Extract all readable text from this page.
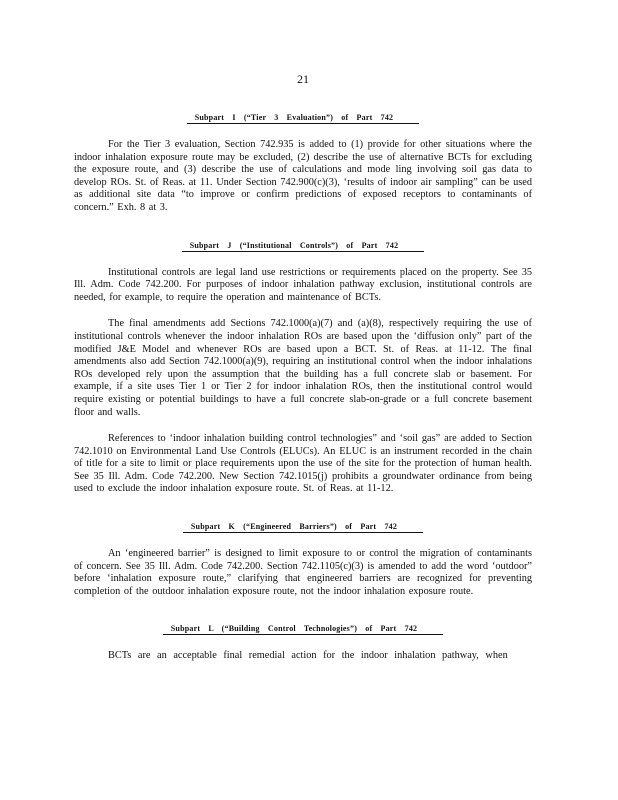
21
Subpart I (“Tier 3 Evaluation”) of Part 742

For the Tier 3 evaluation, Section 742.935 is added to (1) provide for other situations where the indoor inhalation exposure route may be excluded, (2) describe the use of alternative BCTs for excluding the exposure route, and (3) describe the use of calculations and mode ling involving soil gas data to develop ROs. St. of Reas. at 11. Under Section 742.900(c)(3), ‘results of indoor air sampling” can be used as additional site data “to improve or confirm predictions of exposed receptors to contaminants of concern.” Exh. 8 at 3.

Subpart J (“Institutional Controls”) of Part 742

Institutional controls are legal land use restrictions or requirements placed on the property. See 35 Ill. Adm. Code 742.200. For purposes of indoor inhalation pathway exclusion, institutional controls are needed, for example, to require the operation and maintenance of BCTs.

The final amendments add Sections 742.1000(a)(7) and (a)(8), respectively requiring the use of institutional controls whenever the indoor inhalation ROs are based upon the ‘diffusion only” part of the modified J&E Model and whenever ROs are based upon a BCT. St. of Reas. at 11-12. The final amendments also add Section 742.1000(a)(9), requiring an institutional control when the indoor inhalations ROs developed rely upon the assumption that the building has a full concrete slab or basement. For example, if a site uses Tier 1 or Tier 2 for indoor inhalation ROs, then the institutional control would require existing or potential buildings to have a full concrete slab-on-grade or a full concrete basement floor and walls.

References to ‘indoor inhalation building control technologies” and ‘soil gas” are added to Section 742.1010 on Environmental Land Use Controls (ELUCs). An ELUC is an instrument recorded in the chain of title for a site to limit or place requirements upon the use of the site for the protection of human health. See 35 Ill. Adm. Code 742.200. New Section 742.1015(j) prohibits a groundwater ordinance from being used to exclude the indoor inhalation exposure route. St. of Reas. at 11-12.

Subpart K (“Engineered Barriers”) of Part 742

An ‘engineered barrier” is designed to limit exposure to or control the migration of contaminants of concern. See 35 Ill. Adm. Code 742.200. Section 742.1105(c)(3) is amended to add the word ‘outdoor” before ‘inhalation exposure route,” clarifying that engineered barriers are recognized for preventing completion of the outdoor inhalation exposure route, not the indoor inhalation exposure route.

Subpart L (“Building Control Technologies”) of Part 742

BCTs are an acceptable final remedial action for the indoor inhalation pathway, when
